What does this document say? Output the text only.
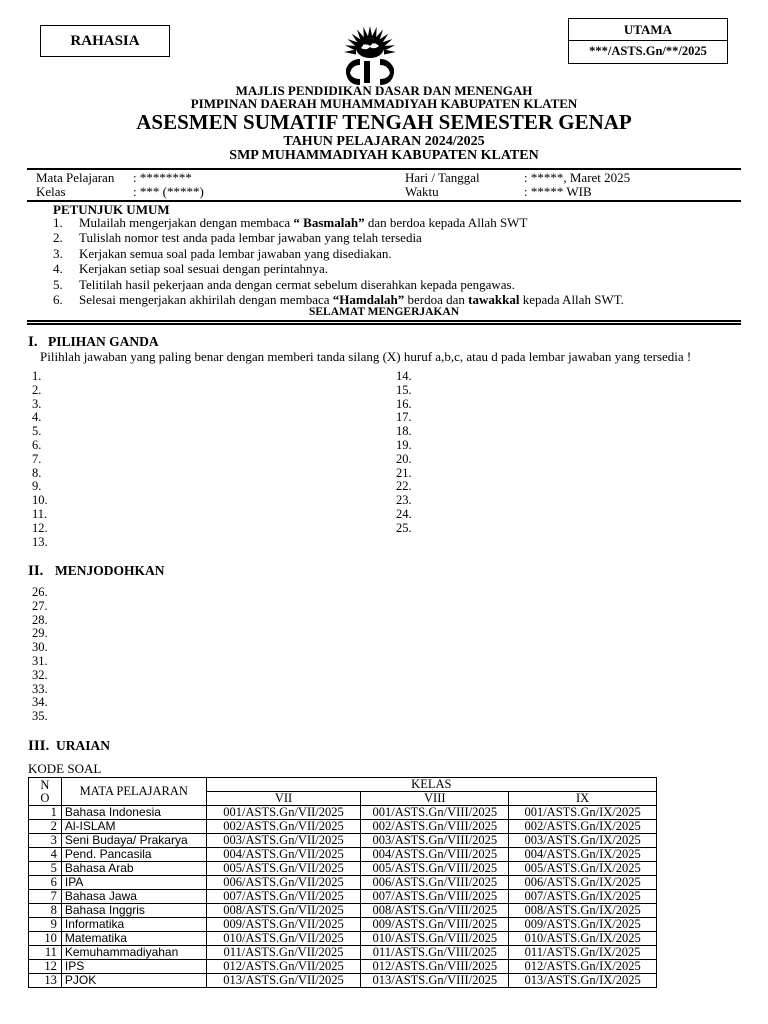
RAHASIA
UTAMA
***/ASTS.Gn/**/2025
MAJLIS PENDIDIKAN DASAR DAN MENENGAH
PIMPINAN DAERAH MUHAMMADIYAH KABUPATEN KLATEN
ASESMEN SUMATIF TENGAH SEMESTER GENAP
TAHUN PELAJARAN 2024/2025
SMP MUHAMMADIYAH KABUPATEN KLATEN
Mata Pelajaran : ********	Hari / Tanggal	: *****, Maret 2025
Kelas	: *** (*****)	Waktu	: ***** WIB
PETUNJUK UMUM
1. Mulailah mengerjakan dengan membaca “ Basmalah” dan berdoa kepada Allah SWT
2. Tulislah nomor test anda pada lembar jawaban yang telah tersedia
3. Kerjakan semua soal pada lembar jawaban yang disediakan.
4. Kerjakan setiap soal sesuai dengan perintahnya.
5. Telitilah hasil pekerjaan anda dengan cermat sebelum diserahkan kepada pengawas.
6. Selesai mengerjakan akhirilah dengan membaca “Hamdalah” berdoa dan tawakkal kepada Allah SWT.
SELAMAT MENGERJAKAN
I. PILIHAN GANDA
Pilihlah jawaban yang paling benar dengan memberi tanda silang (X) huruf a,b,c, atau d pada lembar jawaban yang tersedia !
1.
2.
3.
4.
5.
6.
7.
8.
9.
10.
11.
12.
13.
14.
15.
16.
17.
18.
19.
20.
21.
22.
23.
24.
25.
II. MENJODOHKAN
26.
27.
28.
29.
30.
31.
32.
33.
34.
35.
III. URAIAN
KODE SOAL
N O	MATA PELAJARAN	KELAS		
		VII	VIII	IX
1	Bahasa Indonesia	001/ASTS.Gn/VII/2025	001/ASTS.Gn/VIII/2025	001/ASTS.Gn/IX/2025
2	Al-ISLAM	002/ASTS.Gn/VII/2025	002/ASTS.Gn/VIII/2025	002/ASTS.Gn/IX/2025
3	Seni Budaya/ Prakarya	003/ASTS.Gn/VII/2025	003/ASTS.Gn/VIII/2025	003/ASTS.Gn/IX/2025
4	Pend. Pancasila	004/ASTS.Gn/VII/2025	004/ASTS.Gn/VIII/2025	004/ASTS.Gn/IX/2025
5	Bahasa Arab	005/ASTS.Gn/VII/2025	005/ASTS.Gn/VIII/2025	005/ASTS.Gn/IX/2025
6	IPA	006/ASTS.Gn/VII/2025	006/ASTS.Gn/VIII/2025	006/ASTS.Gn/IX/2025
7	Bahasa Jawa	007/ASTS.Gn/VII/2025	007/ASTS.Gn/VIII/2025	007/ASTS.Gn/IX/2025
8	Bahasa Inggris	008/ASTS.Gn/VII/2025	008/ASTS.Gn/VIII/2025	008/ASTS.Gn/IX/2025
9	Informatika	009/ASTS.Gn/VII/2025	009/ASTS.Gn/VIII/2025	009/ASTS.Gn/IX/2025
10	Matematika	010/ASTS.Gn/VII/2025	010/ASTS.Gn/VIII/2025	010/ASTS.Gn/IX/2025
11	Kemuhammadiyahan	011/ASTS.Gn/VII/2025	011/ASTS.Gn/VIII/2025	011/ASTS.Gn/IX/2025
12	IPS	012/ASTS.Gn/VII/2025	012/ASTS.Gn/VIII/2025	012/ASTS.Gn/IX/2025
13	PJOK	013/ASTS.Gn/VII/2025	013/ASTS.Gn/VIII/2025	013/ASTS.Gn/IX/2025
